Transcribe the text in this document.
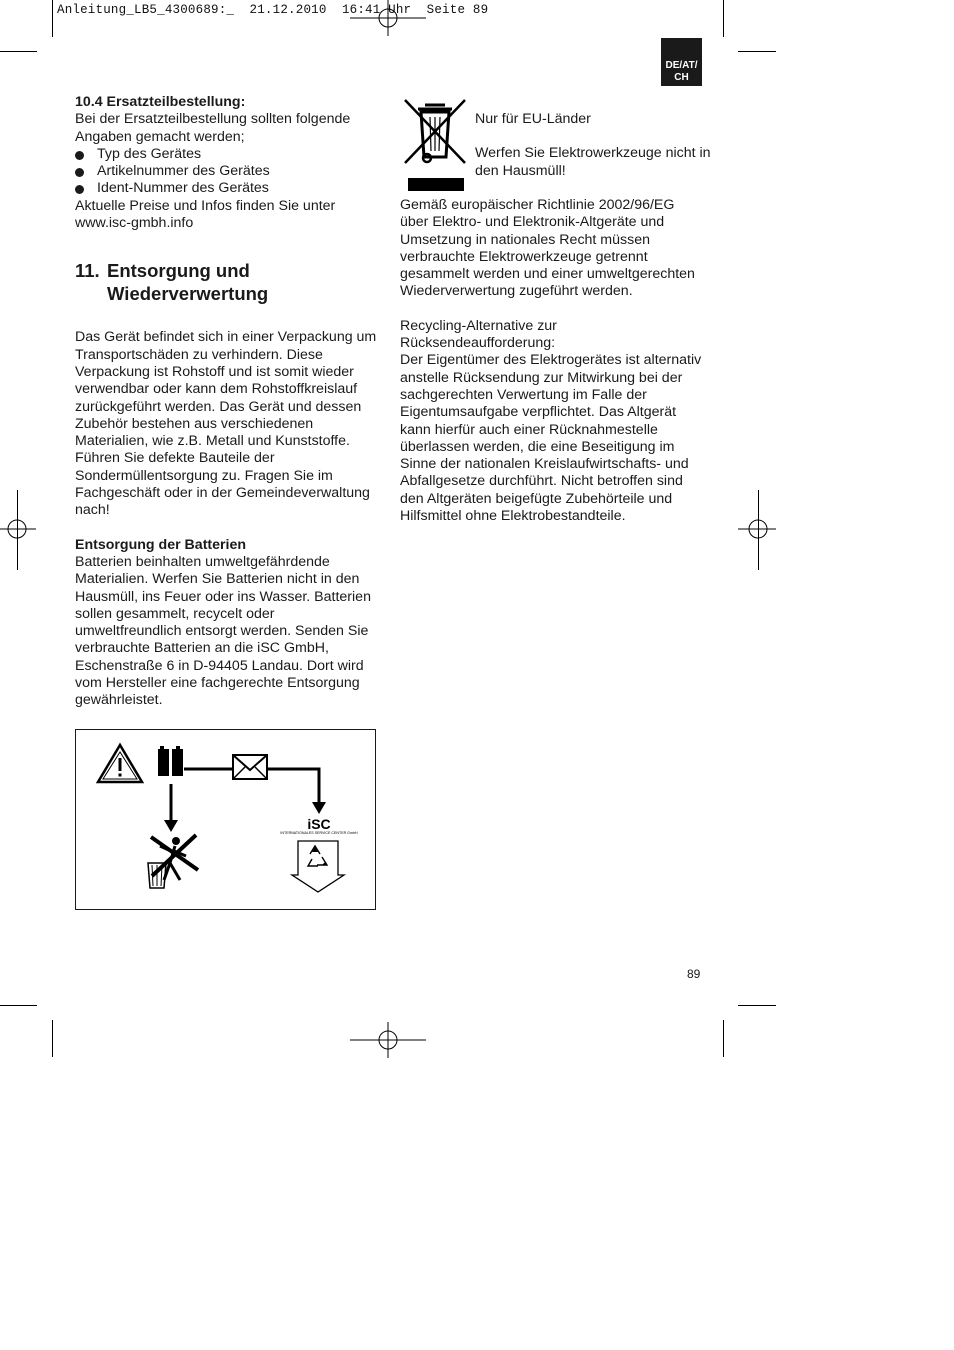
Anleitung_LB5_4300689:_  21.12.2010  16:41 Uhr  Seite 89
DE/AT/
CH

10.4 Ersatzteilbestellung:

Bei der Ersatzteilbestellung sollten folgende Angaben gemacht werden;

Typ des Gerätes
Artikelnummer des Gerätes
Ident-Nummer des Gerätes

Aktuelle Preise und Infos finden Sie unter www.isc-gmbh.info

11. Entsorgung und
Wiederverwertung

Das Gerät befindet sich in einer Verpackung um Transportschäden zu verhindern. Diese Verpackung ist Rohstoff und ist somit wieder verwendbar oder kann dem Rohstoffkreislauf zurückgeführt werden. Das Gerät und dessen Zubehör bestehen aus verschiedenen Materialien, wie z.B. Metall und Kunststoffe. Führen Sie defekte Bauteile der Sondermüllentsorgung zu. Fragen Sie im Fachgeschäft oder in der Gemeindeverwaltung nach!

Entsorgung der Batterien

Batterien beinhalten umweltgefährdende Materialien. Werfen Sie Batterien nicht in den Hausmüll, ins Feuer oder ins Wasser. Batterien sollen gesammelt, recycelt oder umweltfreundlich entsorgt werden. Senden Sie verbrauchte Batterien an die iSC GmbH, Eschenstraße 6 in D-94405 Landau. Dort wird vom Hersteller eine fachgerechte Entsorgung gewährleistet.

iSC
INTERNATIONALES SERVICE CENTER GmbH

Nur für EU-Länder

Werfen Sie Elektrowerkzeuge nicht in den Hausmüll!

Gemäß europäischer Richtlinie 2002/96/EG über Elektro- und Elektronik-Altgeräte und Umsetzung in nationales Recht müssen verbrauchte Elektrowerkzeuge getrennt gesammelt werden und einer umweltgerechten Wiederverwertung zugeführt werden.

Recycling-Alternative zur Rücksendeaufforderung:

Der Eigentümer des Elektrogerätes ist alternativ anstelle Rücksendung zur Mitwirkung bei der sachgerechten Verwertung im Falle der Eigentumsaufgabe verpflichtet. Das Altgerät kann hierfür auch einer Rücknahmestelle überlassen werden, die eine Beseitigung im Sinne der nationalen Kreislaufwirtschafts- und Abfallgesetze durchführt. Nicht betroffen sind den Altgeräten beigefügte Zubehörteile und Hilfsmittel ohne Elektrobestandteile.

89
